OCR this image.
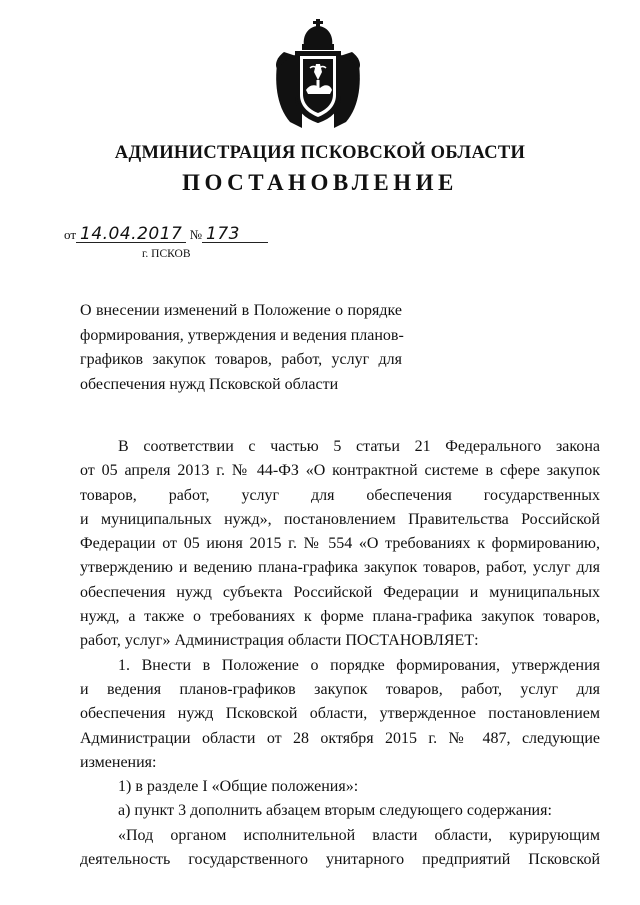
АДМИНИСТРАЦИЯ ПСКОВСКОЙ ОБЛАСТИ
ПОСТАНОВЛЕНИЕ
от 14.04.2017 № 173
г. ПСКОВ
О внесении изменений в Положение о порядке
формирования, утверждения и ведения планов-
графиков закупок товаров, работ, услуг для
обеспечения нужд Псковской области
В соответствии с частью 5 статьи 21 Федерального закона
от 05 апреля 2013 г. № 44-ФЗ «О контрактной системе в сфере закупок
товаров, работ, услуг для обеспечения государственных
и муниципальных нужд», постановлением Правительства Российской
Федерации от 05 июня 2015 г. № 554 «О требованиях к формированию,
утверждению и ведению плана-графика закупок товаров, работ, услуг для
обеспечения нужд субъекта Российской Федерации и муниципальных
нужд, а также о требованиях к форме плана-графика закупок товаров,
работ, услуг» Администрация области ПОСТАНОВЛЯЕТ:
1. Внести в Положение о порядке формирования, утверждения
и ведения планов-графиков закупок товаров, работ, услуг для
обеспечения нужд Псковской области, утвержденное постановлением
Администрации области от 28 октября 2015 г. № 487, следующие
изменения:
1) в разделе I «Общие положения»:
а) пункт 3 дополнить абзацем вторым следующего содержания:
«Под органом исполнительной власти области, курирующим
деятельность государственного унитарного предприятий Псковской
